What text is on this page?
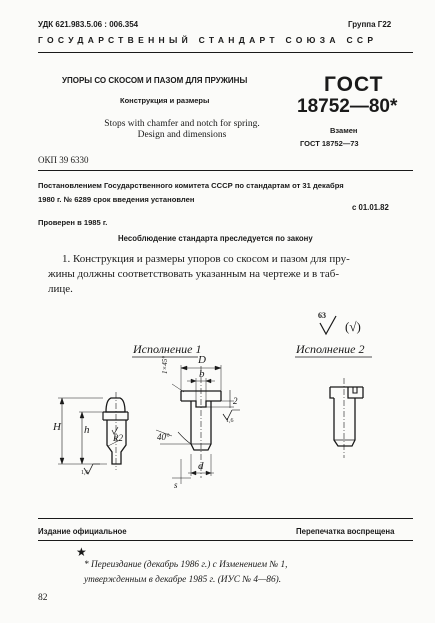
УДК 621.983.5.06 : 006.354	Группа Г22
ГОСУДАРСТВЕННЫЙ СТАНДАРТ СОЮЗА ССР
УПОРЫ СО СКОСОМ И ПАЗОМ ДЛЯ ПРУЖИНЫ
Конструкция и размеры
Stops with chamfer and notch for spring.
Design and dimensions
ГОСТ
18752—80*
Взамен
ГОСТ 18752—73
ОКП 39 6330
Постановлением Государственного комитета СССР по стандартам от 31 декабря
1980 г. № 6289 срок введения установлен
с 01.01.82
Проверен в 1985 г.
Несоблюдение стандарта преследуется по закону
1. Конструкция и размеры упоров со скосом и пазом для пру-
жины должны соответствовать указанным на чертеже и в таб-
лице.
63
(√)
Исполнение 1	Исполнение 2
D
b
H h
d
R2	40°
1×45°
2
s
1,6
1,6
Издание официальное	Перепечатка воспрещена
★
* Переиздание (декабрь 1986 г.) с Изменением № 1,
утвержденным в декабре 1985 г. (ИУС № 4—86).
82
